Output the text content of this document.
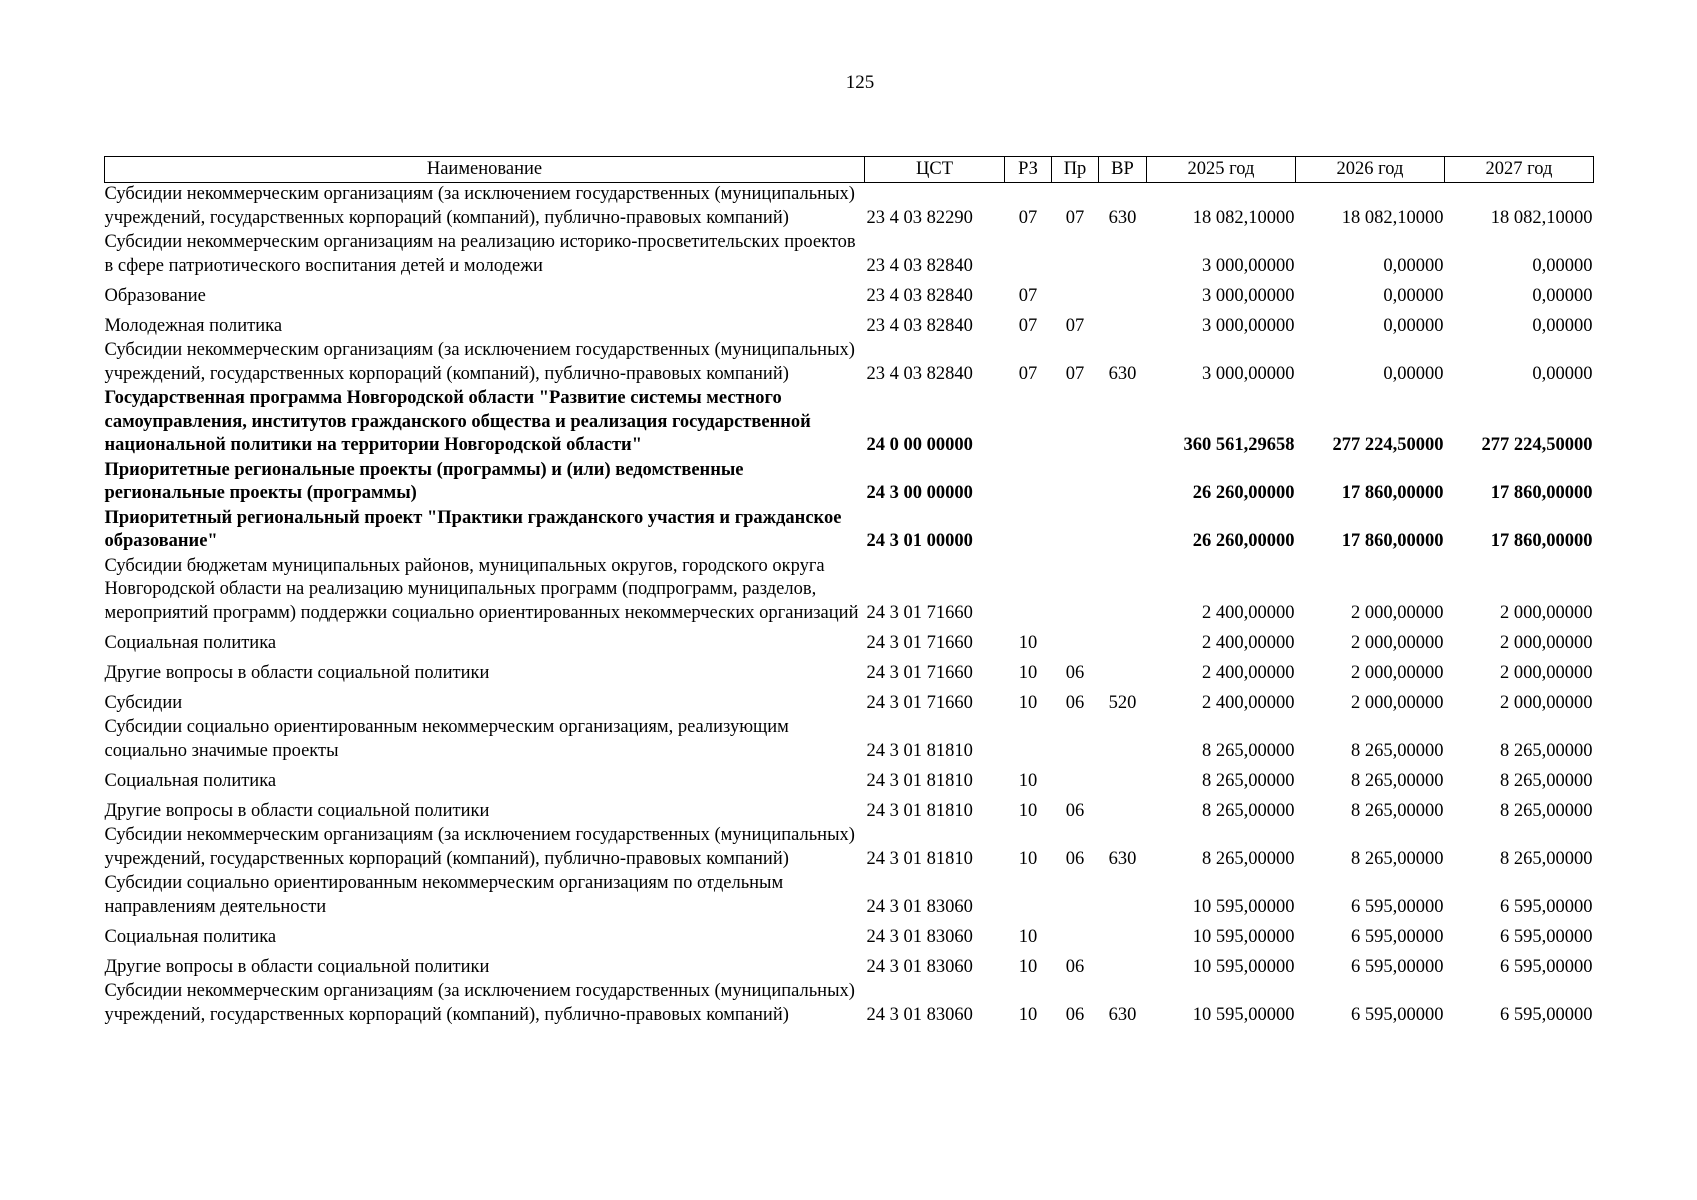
125
Наименование	ЦСТ	РЗ	Пр	ВР	2025 год	2026 год	2027 год
Субсидии некоммерческим организациям (за исключением государственных (муниципальных) учреждений, государственных корпораций (компаний), публично-правовых компаний)	23 4 03 82290	07	07	630	18 082,10000	18 082,10000	18 082,10000
Субсидии некоммерческим организациям на реализацию историко-просветительских проектов в сфере патриотического воспитания детей и молодежи	23 4 03 82840				3 000,00000	0,00000	0,00000
Образование	23 4 03 82840	07			3 000,00000	0,00000	0,00000
Молодежная политика	23 4 03 82840	07	07		3 000,00000	0,00000	0,00000
Субсидии некоммерческим организациям (за исключением государственных (муниципальных) учреждений, государственных корпораций (компаний), публично-правовых компаний)	23 4 03 82840	07	07	630	3 000,00000	0,00000	0,00000
Государственная программа Новгородской области "Развитие системы местного самоуправления, институтов гражданского общества и реализация государственной национальной политики на территории Новгородской области"	24 0 00 00000				360 561,29658	277 224,50000	277 224,50000
Приоритетные региональные проекты (программы) и (или) ведомственные региональные проекты (программы)	24 3 00 00000				26 260,00000	17 860,00000	17 860,00000
Приоритетный региональный проект "Практики гражданского участия и гражданское образование"	24 3 01 00000				26 260,00000	17 860,00000	17 860,00000
Субсидии бюджетам муниципальных районов, муниципальных округов, городского округа Новгородской области на реализацию муниципальных программ (подпрограмм, разделов, мероприятий программ) поддержки социально ориентированных некоммерческих организаций	24 3 01 71660				2 400,00000	2 000,00000	2 000,00000
Социальная политика	24 3 01 71660	10			2 400,00000	2 000,00000	2 000,00000
Другие вопросы в области социальной политики	24 3 01 71660	10	06		2 400,00000	2 000,00000	2 000,00000
Субсидии	24 3 01 71660	10	06	520	2 400,00000	2 000,00000	2 000,00000
Субсидии социально ориентированным некоммерческим организациям, реализующим социально значимые проекты	24 3 01 81810				8 265,00000	8 265,00000	8 265,00000
Социальная политика	24 3 01 81810	10			8 265,00000	8 265,00000	8 265,00000
Другие вопросы в области социальной политики	24 3 01 81810	10	06		8 265,00000	8 265,00000	8 265,00000
Субсидии некоммерческим организациям (за исключением государственных (муниципальных) учреждений, государственных корпораций (компаний), публично-правовых компаний)	24 3 01 81810	10	06	630	8 265,00000	8 265,00000	8 265,00000
Субсидии социально ориентированным некоммерческим организациям по отдельным направлениям деятельности	24 3 01 83060				10 595,00000	6 595,00000	6 595,00000
Социальная политика	24 3 01 83060	10			10 595,00000	6 595,00000	6 595,00000
Другие вопросы в области социальной политики	24 3 01 83060	10	06		10 595,00000	6 595,00000	6 595,00000
Субсидии некоммерческим организациям (за исключением государственных (муниципальных) учреждений, государственных корпораций (компаний), публично-правовых компаний)	24 3 01 83060	10	06	630	10 595,00000	6 595,00000	6 595,00000
